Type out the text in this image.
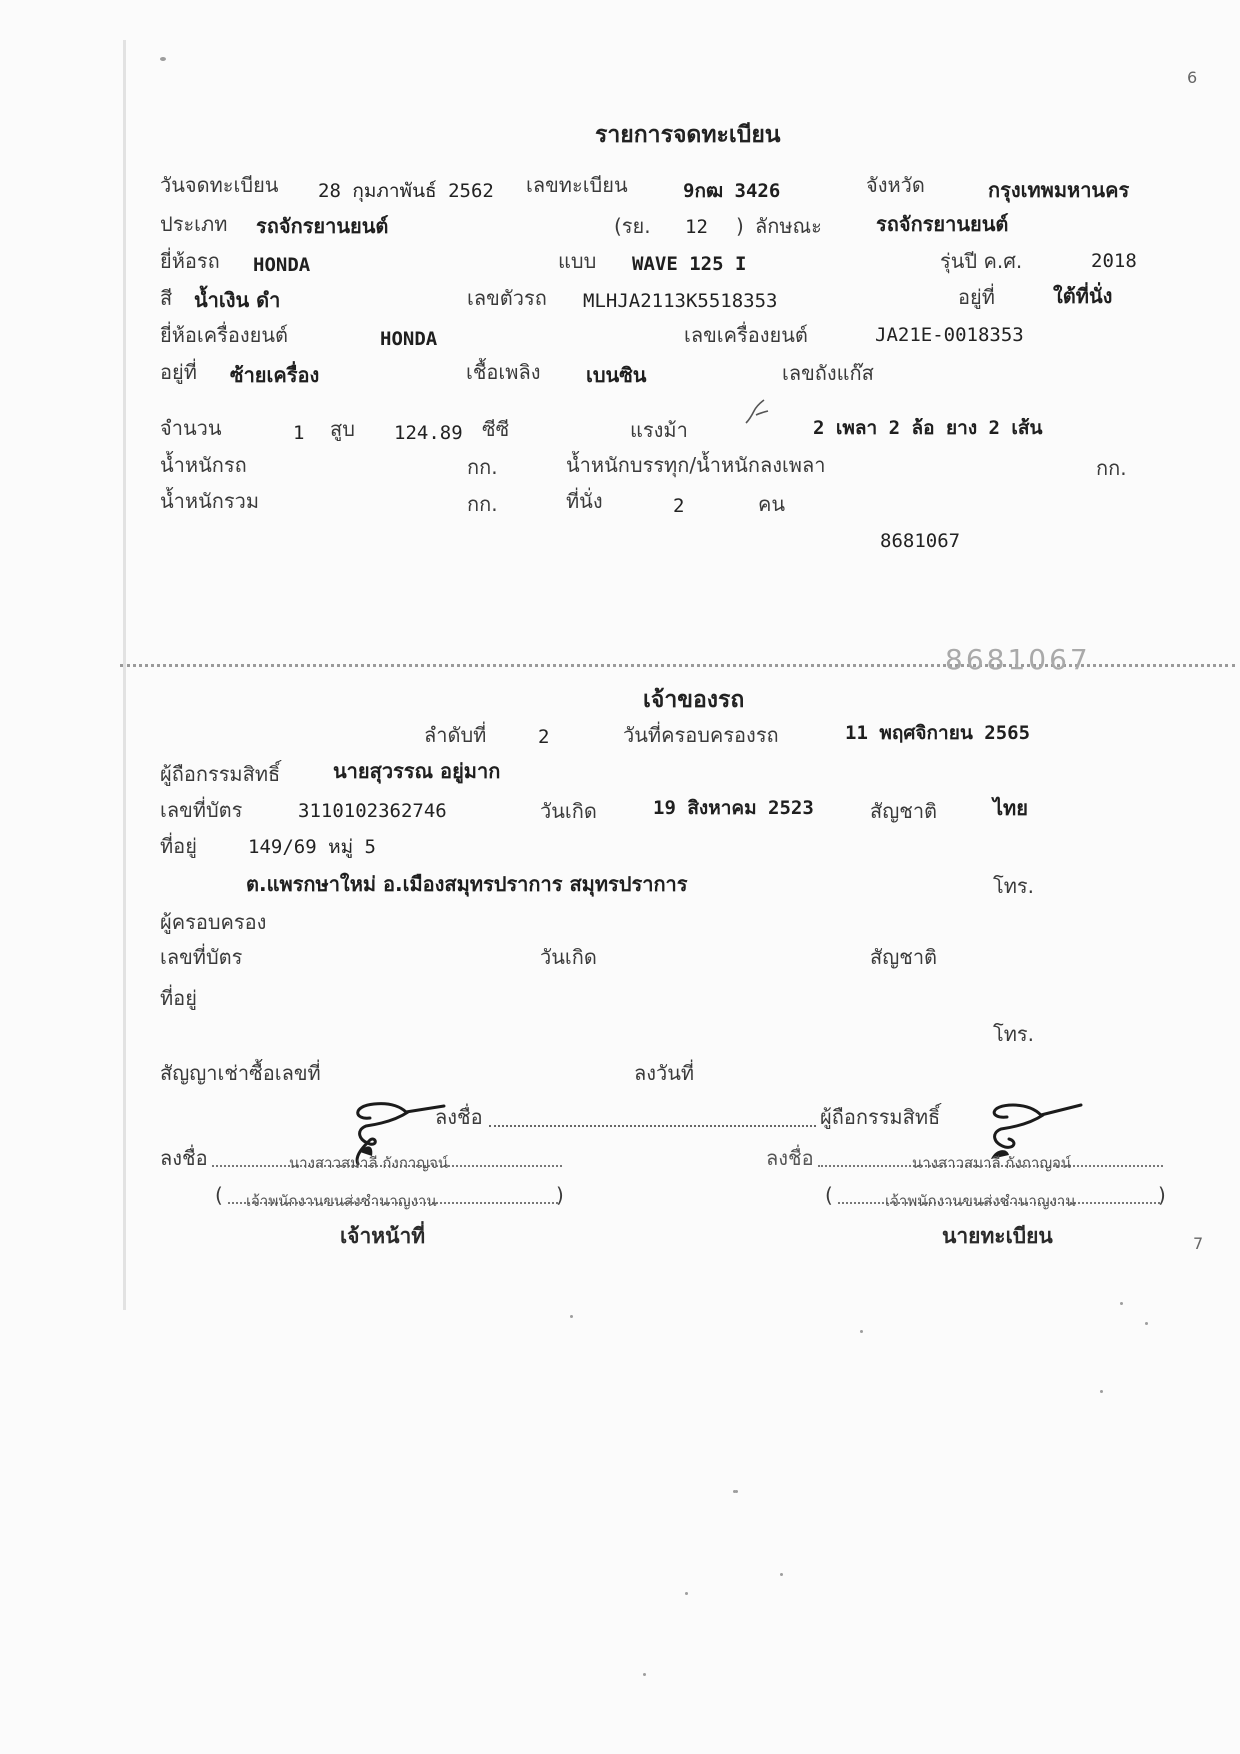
6
7
รายการจดทะเบียน
วันจดทะเบียน 28 กุมภาพันธ์ 2562 เลขทะเบียน	9กฒ 3426	จังหวัด	กรุงเทพมหานคร
ประเภท รถจักรยานยนต์	(รย. 12 ) ลักษณะ	รถจักรยานยนต์
ยี่ห้อรถ HONDA	แบบ WAVE 125 I	รุ่นปี ค.ศ.	2018
สี น้ำเงิน ดำ	เลขตัวรถ MLHJA2113K5518353	อยู่ที่	ใต้ที่นั่ง
ยี่ห้อเครื่องยนต์	HONDA	เลขเครื่องยนต์	JA21E-0018353
อยู่ที่ ซ้ายเครื่อง	เชื้อเพลิง เบนซิน	เลขถังแก๊ส
จำนวน	1 สูบ 124.89 ซีซี	แรงม้า	2 เพลา 2 ล้อ ยาง 2 เส้น
น้ำหนักรถ	กก.	น้ำหนักบรรทุก/น้ำหนักลงเพลา	กก.
น้ำหนักรวม	กก.	ที่นั่ง	2	คน
8681067
8681067
เจ้าของรถ
ลำดับที่	2	วันที่ครอบครองรถ	11 พฤศจิกายน 2565
ผู้ถือกรรมสิทธิ์	นายสุวรรณ อยู่มาก
เลขที่บัตร	3110102362746	วันเกิด	19 สิงหาคม 2523	สัญชาติ	ไทย
ที่อยู่	149/69 หมู่ 5
ต.แพรกษาใหม่ อ.เมืองสมุทรปราการ สมุทรปราการ	โทร.
ผู้ครอบครอง
เลขที่บัตร	วันเกิด	สัญชาติ
ที่อยู่
โทร.
สัญญาเช่าซื้อเลขที่	ลงวันที่
ลงชื่อ	ผู้ถือกรรมสิทธิ์
ลงชื่อ	นางสาวสมาลี กังกาญจน์
(	)
เจ้าพนักงานขนส่งชำนาญงาน
เจ้าหน้าที่
ลงชื่อ	นางสาวสมาลี กังกาญจน์
(	)
เจ้าพนักงานขนส่งชำนาญงาน
นายทะเบียน
